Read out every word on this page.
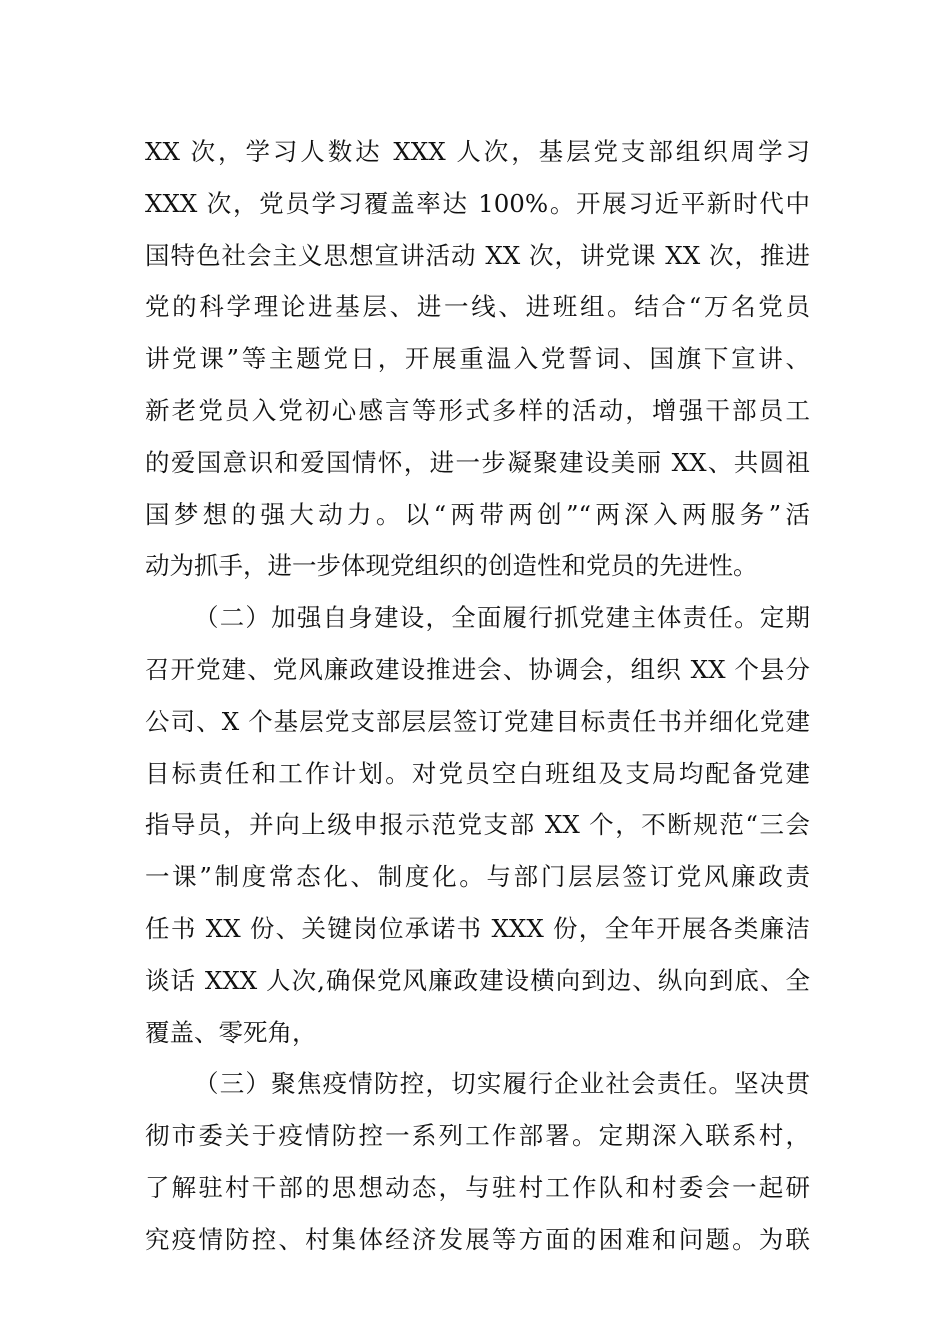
XX 次，学习人数达 XXX 人次，基层党支部组织周学习
XXX 次，党员学习覆盖率达 100%。开展习近平新时代中
国特色社会主义思想宣讲活动 XX 次，讲党课 XX 次，推进
党的科学理论进基层、进一线、进班组。结合“万名党员
讲党课”等主题党日，开展重温入党誓词、国旗下宣讲、
新老党员入党初心感言等形式多样的活动，增强干部员工
的爱国意识和爱国情怀，进一步凝聚建设美丽 XX、共圆祖
国梦想的强大动力。以“两带两创”“两深入两服务”活
动为抓手，进一步体现党组织的创造性和党员的先进性。
（二）加强自身建设，全面履行抓党建主体责任。定期
召开党建、党风廉政建设推进会、协调会，组织 XX 个县分
公司、X 个基层党支部层层签订党建目标责任书并细化党建
目标责任和工作计划。对党员空白班组及支局均配备党建
指导员，并向上级申报示范党支部 XX 个，不断规范“三会
一课”制度常态化、制度化。与部门层层签订党风廉政责
任书 XX 份、关键岗位承诺书 XXX 份，全年开展各类廉洁
谈话 XXX 人次,确保党风廉政建设横向到边、纵向到底、全
覆盖、零死角，
（三）聚焦疫情防控，切实履行企业社会责任。坚决贯
彻市委关于疫情防控一系列工作部署。定期深入联系村，
了解驻村干部的思想动态，与驻村工作队和村委会一起研
究疫情防控、村集体经济发展等方面的困难和问题。为联
